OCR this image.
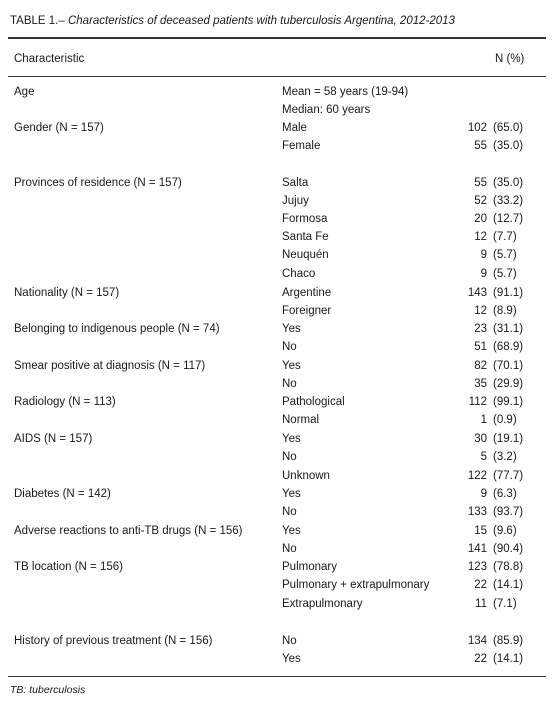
TABLE 1.– Characteristics of deceased patients with tuberculosis Argentina, 2012-2013
Characteristic	N (%)
Age	Mean = 58 years (19-94)
Median: 60 years
Gender (N = 157)	Male	102 (65.0)
Female	55 (35.0)
Provinces of residence (N = 157)	Salta	55 (35.0)
Jujuy	52 (33.2)
Formosa	20 (12.7)
Santa Fe	12 (7.7)
Neuquén	9 (5.7)
Chaco	9 (5.7)
Nationality (N = 157)	Argentine	143 (91.1)
Foreigner	12 (8.9)
Belonging to indigenous people (N = 74)	Yes	23 (31.1)
No	51 (68.9)
Smear positive at diagnosis (N = 117)	Yes	82 (70.1)
No	35 (29.9)
Radiology (N = 113)	Pathological	112 (99.1)
Normal	1 (0.9)
AIDS (N = 157)	Yes	30 (19.1)
No	5 (3.2)
Unknown	122 (77.7)
Diabetes (N = 142)	Yes	9 (6.3)
No	133 (93.7)
Adverse reactions to anti-TB drugs (N = 156)	Yes	15 (9.6)
No	141 (90.4)
TB location (N = 156)	Pulmonary	123 (78.8)
Pulmonary + extrapulmonary	22 (14.1)
Extrapulmonary	11 (7.1)
History of previous treatment (N = 156)	No	134 (85.9)
Yes	22 (14.1)
TB: tuberculosis
